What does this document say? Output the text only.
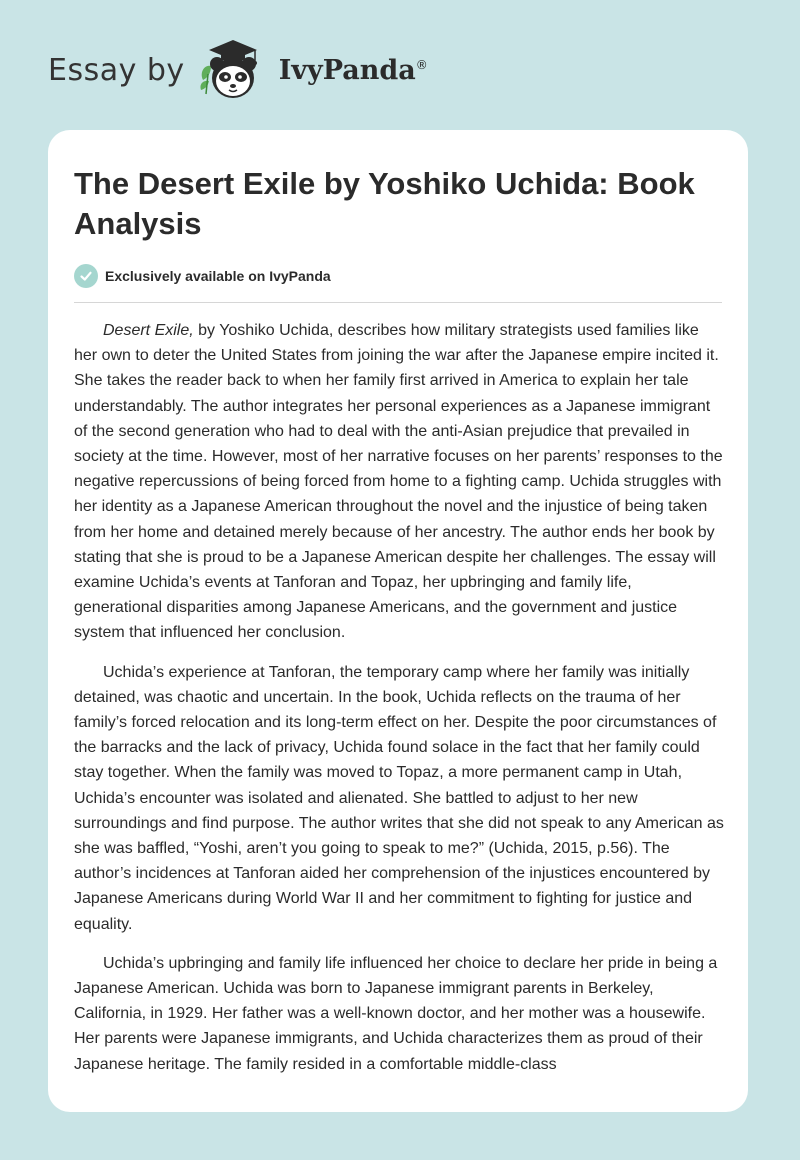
Essay by	IvyPanda®
The Desert Exile by Yoshiko Uchida: Book Analysis
Exclusively available on IvyPanda

Desert Exile, by Yoshiko Uchida, describes how military strategists used families like her own to deter the United States from joining the war after the Japanese empire incited it. She takes the reader back to when her family first arrived in America to explain her tale understandably. The author integrates her personal experiences as a Japanese immigrant of the second generation who had to deal with the anti-Asian prejudice that prevailed in society at the time. However, most of her narrative focuses on her parents’ responses to the negative repercussions of being forced from home to a fighting camp. Uchida struggles with her identity as a Japanese American throughout the novel and the injustice of being taken from her home and detained merely because of her ancestry. The author ends her book by stating that she is proud to be a Japanese American despite her challenges. The essay will examine Uchida’s events at Tanforan and Topaz, her upbringing and family life, generational disparities among Japanese Americans, and the government and justice system that influenced her conclusion.

Uchida’s experience at Tanforan, the temporary camp where her family was initially detained, was chaotic and uncertain. In the book, Uchida reflects on the trauma of her family’s forced relocation and its long-term effect on her. Despite the poor circumstances of the barracks and the lack of privacy, Uchida found solace in the fact that her family could stay together. When the family was moved to Topaz, a more permanent camp in Utah, Uchida’s encounter was isolated and alienated. She battled to adjust to her new surroundings and find purpose. The author writes that she did not speak to any American as she was baffled, “Yoshi, aren’t you going to speak to me?” (Uchida, 2015, p.56). The author’s incidences at Tanforan aided her comprehension of the injustices encountered by Japanese Americans during World War II and her commitment to fighting for justice and equality.

Uchida’s upbringing and family life influenced her choice to declare her pride in being a Japanese American. Uchida was born to Japanese immigrant parents in Berkeley, California, in 1929. Her father was a well-known doctor, and her mother was a housewife. Her parents were Japanese immigrants, and Uchida characterizes them as proud of their Japanese heritage. The family resided in a comfortable middle-class
